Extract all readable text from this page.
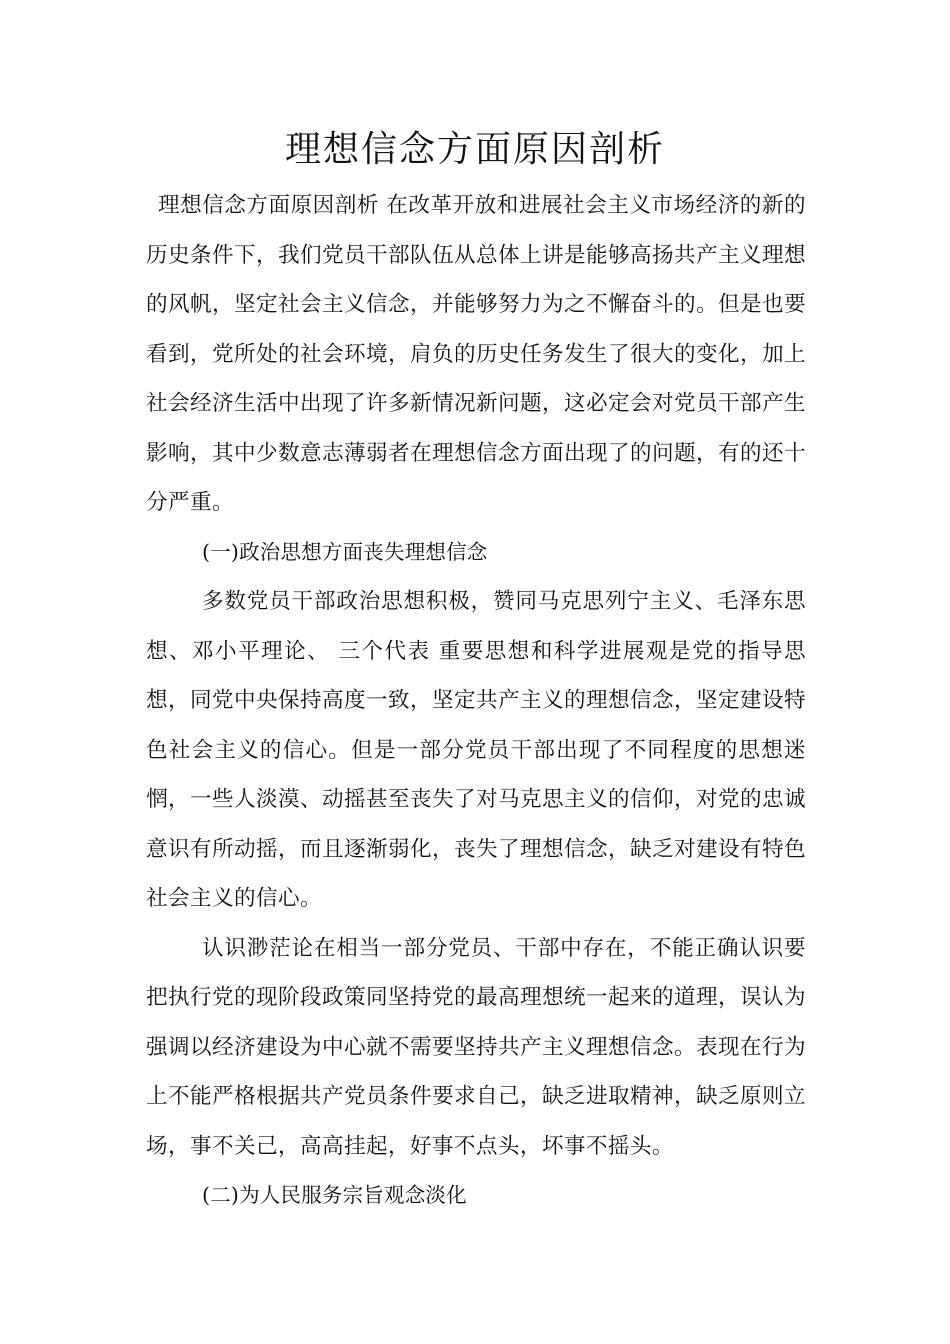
理想信念方面原因剖析

理想信念方面原因剖析 在改革开放和进展社会主义市场经济的新的历史条件下，我们党员干部队伍从总体上讲是能够高扬共产主义理想的风帆，坚定社会主义信念，并能够努力为之不懈奋斗的。但是也要看到，党所处的社会环境，肩负的历史任务发生了很大的变化，加上社会经济生活中出现了许多新情况新问题，这必定会对党员干部产生影响，其中少数意志薄弱者在理想信念方面出现了的问题，有的还十分严重。

(一)政治思想方面丧失理想信念

多数党员干部政治思想积极，赞同马克思列宁主义、毛泽东思想、邓小平理论、 三个代表 重要思想和科学进展观是党的指导思想，同党中央保持高度一致，坚定共产主义的理想信念，坚定建设特色社会主义的信心。但是一部分党员干部出现了不同程度的思想迷惘，一些人淡漠、动摇甚至丧失了对马克思主义的信仰，对党的忠诚意识有所动摇，而且逐渐弱化，丧失了理想信念，缺乏对建设有特色社会主义的信心。

认识渺茫论在相当一部分党员、干部中存在，不能正确认识要把执行党的现阶段政策同坚持党的最高理想统一起来的道理，误认为强调以经济建设为中心就不需要坚持共产主义理想信念。表现在行为上不能严格根据共产党员条件要求自己，缺乏进取精神，缺乏原则立场，事不关己，高高挂起，好事不点头，坏事不摇头。

(二)为人民服务宗旨观念淡化
